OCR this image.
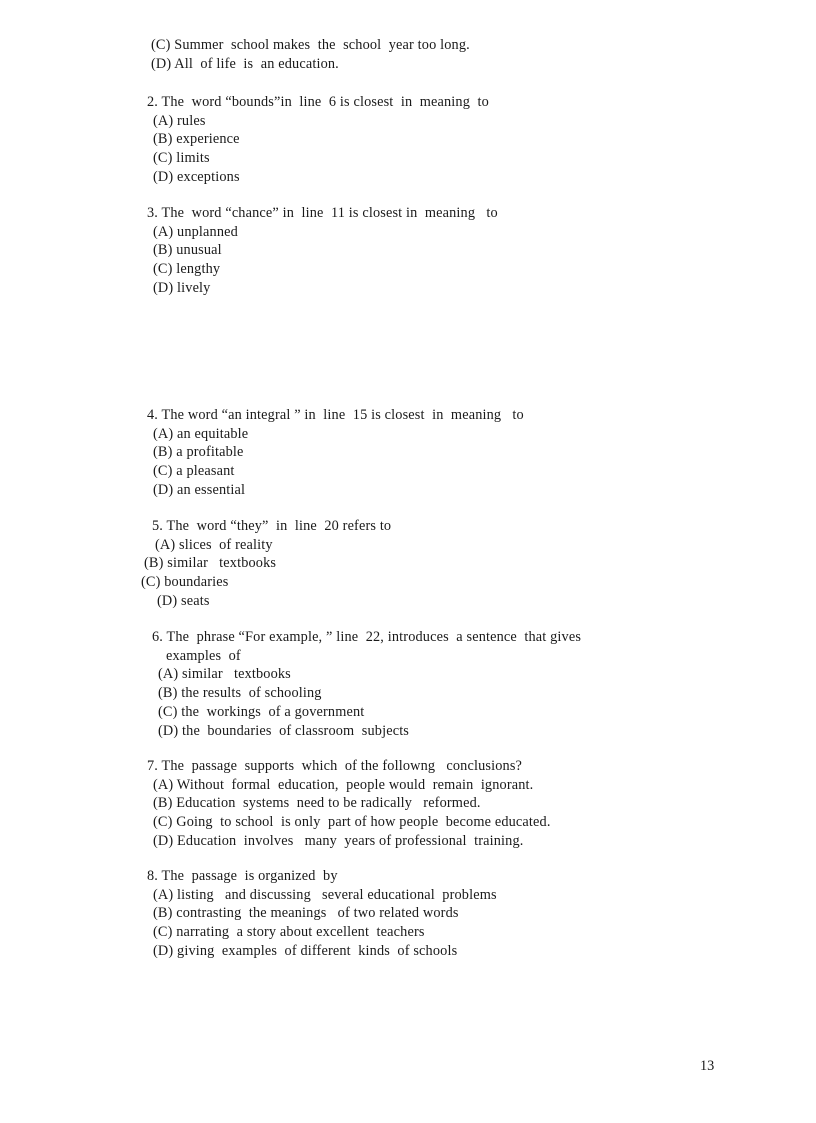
(C) Summer  school makes  the  school  year too long.
(D) All  of life  is  an education.
2. The  word “bounds”in  line  6 is closest  in  meaning  to
(A) rules
(B) experience
(C) limits
(D) exceptions
3. The  word “chance” in  line  11 is closest in  meaning   to
(A) unplanned
(B) unusual
(C) lengthy
(D) lively
4. The word “an integral ” in  line  15 is closest  in  meaning   to
(A) an equitable
(B) a profitable
(C) a pleasant
(D) an essential
5. The  word “they”  in  line  20 refers to
(A) slices  of reality
(B) similar   textbooks
(C) boundaries
(D) seats
6. The  phrase “For example, ” line  22, introduces  a sentence  that gives
examples  of
(A) similar   textbooks
(B) the results  of schooling
(C) the  workings  of a government
(D) the  boundaries  of classroom  subjects
7. The  passage  supports  which  of the followng   conclusions?
(A) Without  formal  education,  people would  remain  ignorant.
(B) Education  systems  need to be radically   reformed.
(C) Going  to school  is only  part of how people  become educated.
(D) Education  involves   many  years of professional  training.
8. The  passage  is organized  by
(A) listing   and discussing   several educational  problems
(B) contrasting  the meanings   of two related words
(C) narrating  a story about excellent  teachers
(D) giving  examples  of different  kinds  of schools
13
